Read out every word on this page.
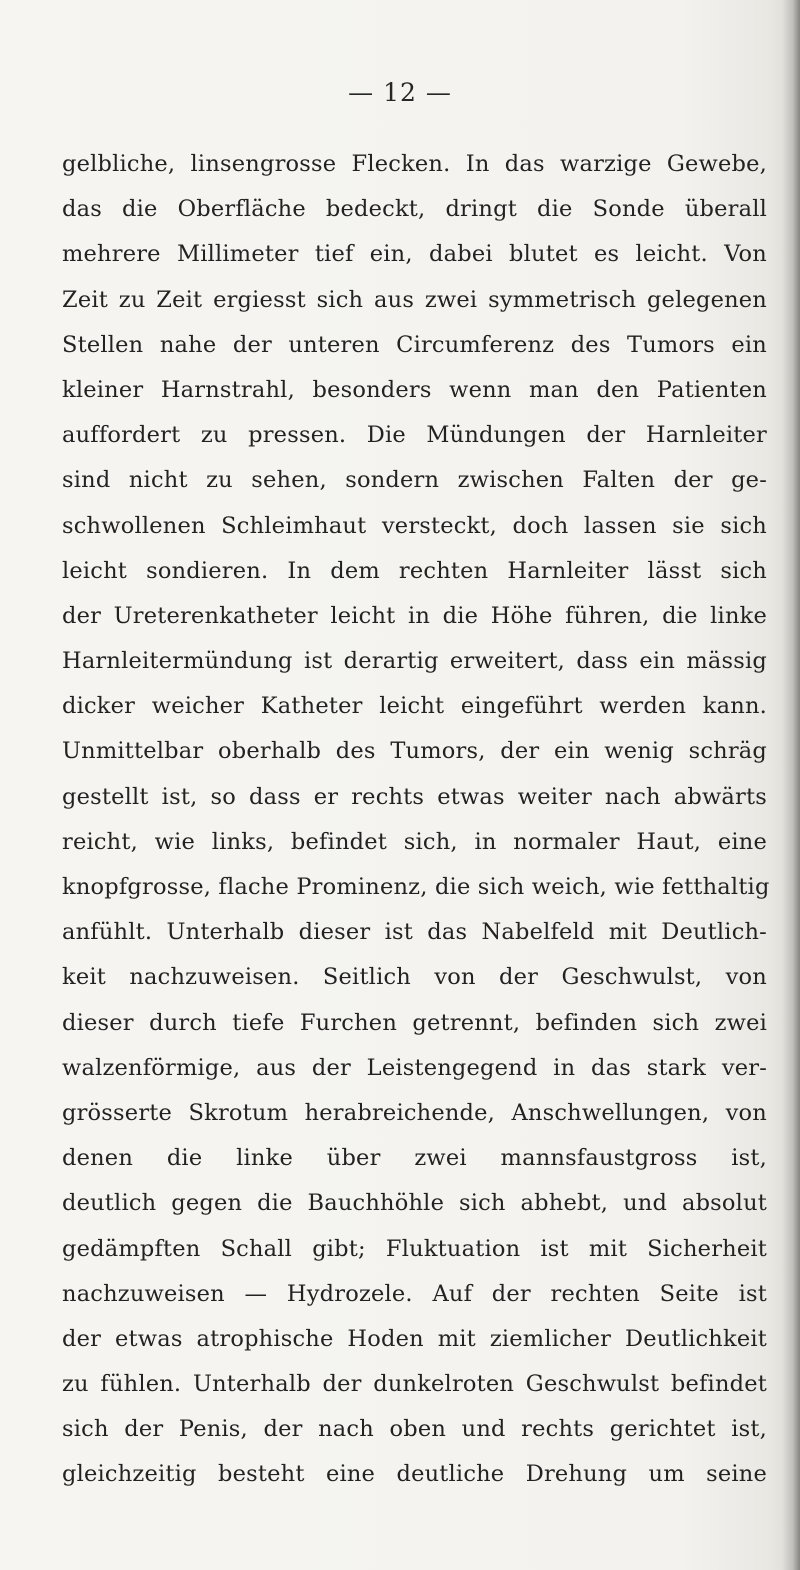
— 12 —
gelbliche, linsengrosse Flecken. In das warzige Gewebe,
das die Oberfläche bedeckt, dringt die Sonde überall
mehrere Millimeter tief ein, dabei blutet es leicht. Von
Zeit zu Zeit ergiesst sich aus zwei symmetrisch gelegenen
Stellen nahe der unteren Circumferenz des Tumors ein
kleiner Harnstrahl, besonders wenn man den Patienten
auffordert zu pressen. Die Mündungen der Harnleiter
sind nicht zu sehen, sondern zwischen Falten der ge-
schwollenen Schleimhaut versteckt, doch lassen sie sich
leicht sondieren. In dem rechten Harnleiter lässt sich
der Ureterenkatheter leicht in die Höhe führen, die linke
Harnleitermündung ist derartig erweitert, dass ein mässig
dicker weicher Katheter leicht eingeführt werden kann.
Unmittelbar oberhalb des Tumors, der ein wenig schräg
gestellt ist, so dass er rechts etwas weiter nach abwärts
reicht, wie links, befindet sich, in normaler Haut, eine
knopfgrosse, flache Prominenz, die sich weich, wie fetthaltig
anfühlt. Unterhalb dieser ist das Nabelfeld mit Deutlich-
keit nachzuweisen. Seitlich von der Geschwulst, von
dieser durch tiefe Furchen getrennt, befinden sich zwei
walzenförmige, aus der Leistengegend in das stark ver-
grösserte Skrotum herabreichende, Anschwellungen, von
denen die linke über zwei mannsfaustgross ist,
deutlich gegen die Bauchhöhle sich abhebt, und absolut
gedämpften Schall gibt; Fluktuation ist mit Sicherheit
nachzuweisen — Hydrozele. Auf der rechten Seite ist
der etwas atrophische Hoden mit ziemlicher Deutlichkeit
zu fühlen. Unterhalb der dunkelroten Geschwulst befindet
sich der Penis, der nach oben und rechts gerichtet ist,
gleichzeitig besteht eine deutliche Drehung um seine
